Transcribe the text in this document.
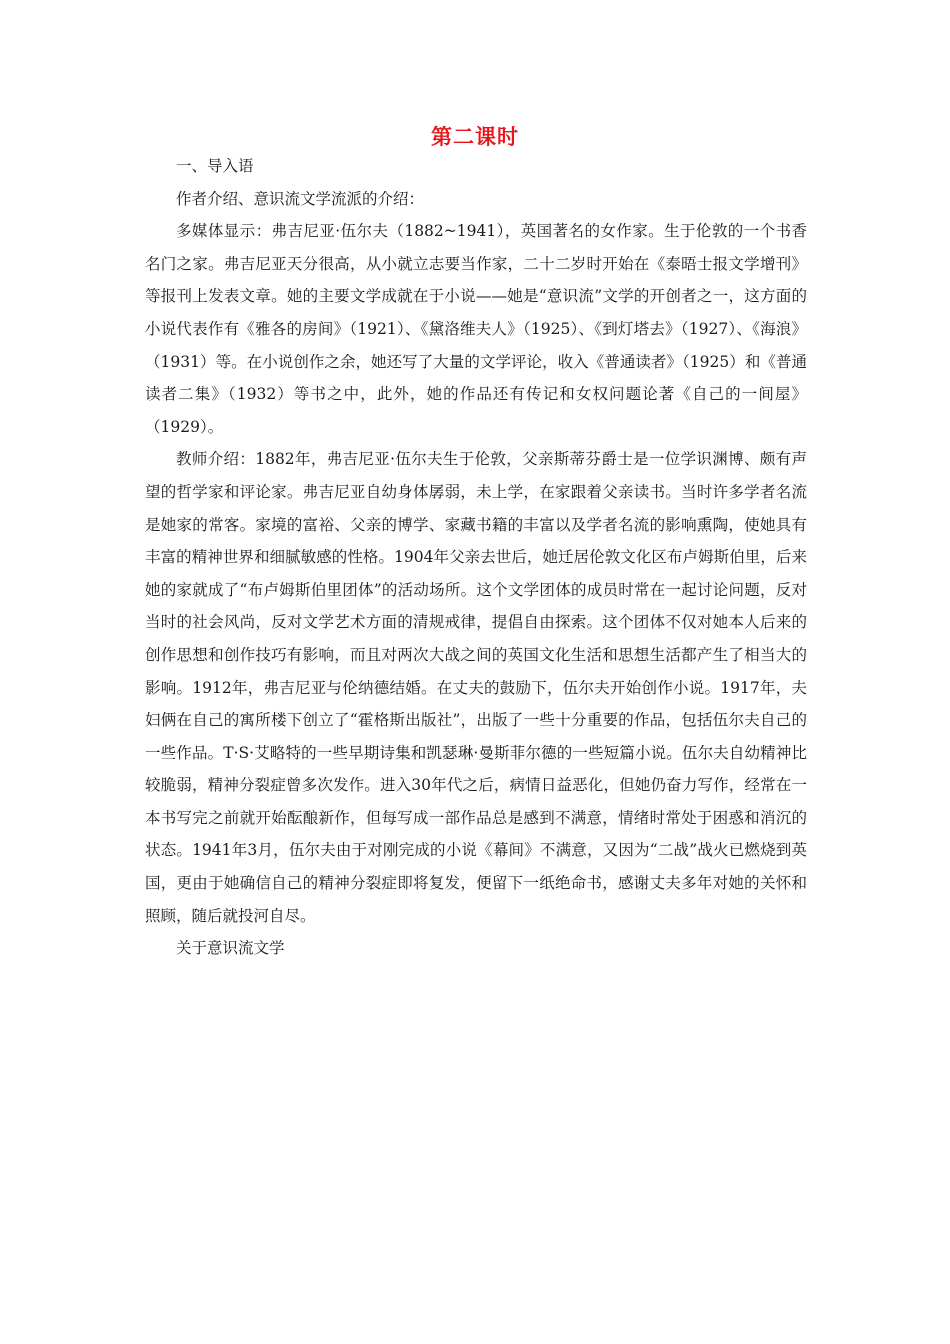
第二课时

一、导入语

作者介绍、意识流文学流派的介绍：

多媒体显示：弗吉尼亚·伍尔夫（1882~1941），英国著名的女作家。生于伦敦的一个书香名门之家。弗吉尼亚天分很高，从小就立志要当作家，二十二岁时开始在《泰晤士报文学增刊》等报刊上发表文章。她的主要文学成就在于小说——她是“意识流”文学的开创者之一，这方面的小说代表作有《雅各的房间》（1921）、《黛洛维夫人》（1925）、《到灯塔去》（1927）、《海浪》（1931）等。在小说创作之余，她还写了大量的文学评论，收入《普通读者》（1925）和《普通读者二集》（1932）等书之中，此外，她的作品还有传记和女权问题论著《自己的一间屋》（1929）。

教师介绍：1882年，弗吉尼亚·伍尔夫生于伦敦，父亲斯蒂芬爵士是一位学识渊博、颇有声望的哲学家和评论家。弗吉尼亚自幼身体孱弱，未上学，在家跟着父亲读书。当时许多学者名流是她家的常客。家境的富裕、父亲的博学、家藏书籍的丰富以及学者名流的影响熏陶，使她具有丰富的精神世界和细腻敏感的性格。1904年父亲去世后，她迁居伦敦文化区布卢姆斯伯里，后来她的家就成了“布卢姆斯伯里团体”的活动场所。这个文学团体的成员时常在一起讨论问题，反对当时的社会风尚，反对文学艺术方面的清规戒律，提倡自由探索。这个团体不仅对她本人后来的创作思想和创作技巧有影响，而且对两次大战之间的英国文化生活和思想生活都产生了相当大的影响。1912年，弗吉尼亚与伦纳德结婚。在丈夫的鼓励下，伍尔夫开始创作小说。1917年，夫妇俩在自己的寓所楼下创立了“霍格斯出版社”，出版了一些十分重要的作品，包括伍尔夫自己的一些作品。T·S·艾略特的一些早期诗集和凯瑟琳·曼斯菲尔德的一些短篇小说。伍尔夫自幼精神比较脆弱，精神分裂症曾多次发作。进入30年代之后，病情日益恶化，但她仍奋力写作，经常在一本书写完之前就开始酝酿新作，但每写成一部作品总是感到不满意，情绪时常处于困惑和消沉的状态。1941年3月，伍尔夫由于对刚完成的小说《幕间》不满意，又因为“二战”战火已燃烧到英国，更由于她确信自己的精神分裂症即将复发，便留下一纸绝命书，感谢丈夫多年对她的关怀和照顾，随后就投河自尽。

关于意识流文学
